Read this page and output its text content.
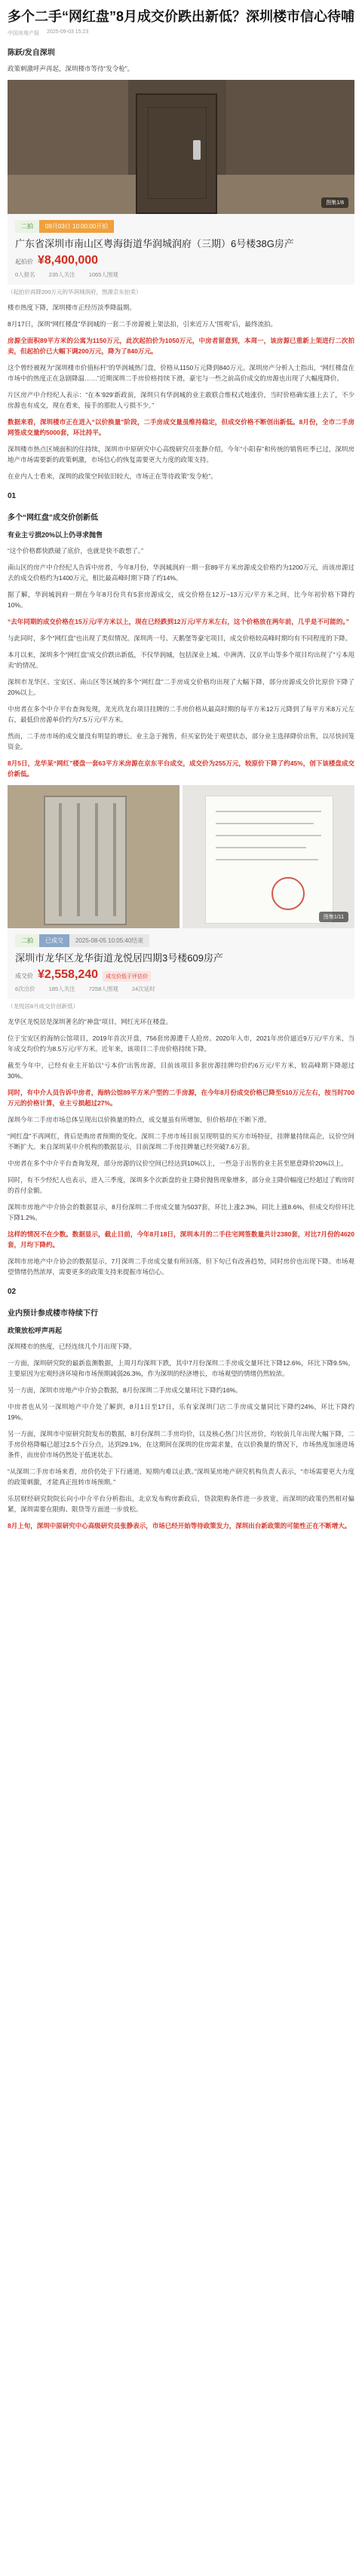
多个二手“网红盘”8月成交价跌出新低？深圳楼市信心待哺
中国房地产报 2025-09-03 15:23
陈跃/发自深圳

政策刺激呼声再起，深圳楼市等待“发令枪”。

图集1/8
二拍	09月03日 10:00:00开拍
广东省深圳市南山区粤海街道华润城润府（三期）6号楼38G房产
起拍价 ¥8,400,000
0人报名 235人关注 1065人围观

（起拍价再降200万元的华润城润府，图源京东拍卖）

楼市热度下降，深圳楼市正经历淡季降温期。

8月17日，深圳“网红楼盘”华润城的一套二手房源被上架法拍，引来近万人“围观”后，最终流拍。

房源全面积89平方米的公寓为1150万元，此次起拍价为1050万元，中房者留意到，本周一，该房源已重新上架进行二次拍卖，但起拍价已大幅下调200万元，降为了840万元。

这个曾经被视为“深圳楼市价值标杆”的华润城热门盘，价格从1150万元降到840万元。深圳房产分析人士指出，“网红楼盘在市场中的热度正在急剧降温……”近期深圳二手房价格持续下滑，豪宅与一些之前高价成交的房源也出现了大幅度降价。

片区房产中介经纪人表示：“在本‘929’新政前，深圳只有华润城的业主敢联合维权式地涨价，当时价格确实涨上去了，不少房源也有成交，现在看来，接手的那批人亏损不少。”

数据来看，深圳楼市正在进入“以价换量”阶段，二手房成交量虽维持稳定，但成交价格不断创出新低。8月份，全市二手房网签成交量约5000套，环比持平。

深圳楼市热点区域面积的住持续，深圳市中原研究中心高级研究员张静介绍，今年“小阳春”和传统的销售旺季已过，深圳房地产市场需要新的政策刺激，市场信心的恢复需要更大力度的政策支持。

在业内人士看来，深圳的政策空间依旧较大，市场正在等待政策“发令枪”。

01
多个“网红盘”成交价创新低
有业主亏损20%以上仍寻求抛售

“这个价格都快跌破了底价，也就是快不敢想了。”

南山区的房产中介经纪人告诉中房者，今年8月份，华润城润府一期一套89平方米房源成交价格约为1200万元，而该房源过去的成交价格约为1400万元，相比最高峰时期下降了约14%。

据了解，华润城润府一期在今年8月份共有5套房源成交，成交价格在12万~13万元/平方米之间，比今年初价格下降约10%。

“去年同期的成交价格在15万元/平方米以上，现在已经跌到12万元/平方米左右，这个价格放在两年前，几乎是不可能的。”

与此同时，多个“网红盘”也出现了类似情况。深圳湾一号、天鹅堡等豪宅项目，成交价格较高峰时期均有不同程度的下降。

本月以来，深圳多个“网红盘”成交价跌出新低，不仅华润城，包括深业上城、中洲湾、汉京半山等多个项目均出现了“亏本甩卖”的情况。

深圳市龙华区、宝安区、南山区等区域的多个“网红盘”二手房成交价格均出现了大幅下降，部分房源成交价比原价下降了20%以上。

中房者在多个中介平台查询发现，龙光玖龙台项目挂牌的二手房价格从最高时期的每平方米12万元降到了每平方米8万元左右，最低价房源单价约为7.5万元/平方米。

然而，二手房市场的成交量没有明显的增长。业主急于抛售，但买家仍处于观望状态，部分业主选择降价出售，以尽快回笼资金。

8月5日，龙华某“网红”楼盘一套63平方米房源在京东平台成交，成交价为255万元，较原价下降了约45%，创下该楼盘成交价新低。

图集1/11
二拍	已成交	2025-08-05 10:05:40结束
深圳市龙华区龙华街道龙悦居四期3号楼609房产
成交价 ¥2,558,240	成交价低于评估价
6次出价 185人关注 7258人围观 24次延时

（龙悦居8月成交价创新低）

龙华区龙悦居是深圳著名的“神盘”项目，网红光环在楼盘。

位于宝安区的海纳公馆项目，2019年首次开盘，756套房源遭千人抢房。2020年入市，2021年房价逼近9万元/平方米，当年成交均价约为8.5万元/平方米。近年来，该项目二手房价格持续下降。

截至今年中，已经有业主开始以“亏本价”出售房源，目前该项目多套房源挂牌均价约6万元/平方米，较高峰期下降超过30%。

同时，有中介人员告诉中房者，海纳公馆89平方米户型的二手房源，在今年8月份成交价格已降至510万元左右，按当时700万元的价格计算，业主亏损超过27%。

深圳今年二手房市场总体呈现出以价换量的特点，成交量虽有所增加，但价格却在不断下滑。

“网红盘”不再网红，背后是购房者预期的变化。深圳二手房市场目前呈现明显的买方市场特征，挂牌量持续高企，议价空间不断扩大。来自深圳某中介机构的数据显示，目前深圳二手房挂牌量已经突破7.6万套。

中房者在多个中介平台查询发现，部分房源的议价空间已经达到10%以上，一些急于出售的业主甚至愿意降价20%以上。

同时，有不少经纪人也表示，进入三季度，深圳多个次新盘的业主降价抛售现象增多，部分业主降价幅度已经超过了购房时的首付金额。

深圳市房地产中介协会的数据显示，8月份深圳二手房成交量为5037套，环比上涨2.3%，同比上涨8.6%，但成交均价环比下降1.2%。

这样的情况不在少数。数据显示，截止目前，今年8月18日，深圳本月的二手住宅网签数量共计2380套，对比7月份的4620套，月均下降约。

深圳市房地产中介协会的数据显示，7月深圳二手房成交量有所回落，但下旬已有改善趋势，同时房价也出现下降。市场观望情绪仍然浓厚，需要更多的政策支持来提振市场信心。

02
业内预计参成楼市待续下行
政策放松呼声再起

深圳楼市的热度，已经连续几个月出现下降。

一方面，深圳研究院的最新监测数据，上周月均深圳下跌，其中7月份深圳二手房成交量环比下降12.6%，环比下降9.5%，主要原因为宏观经济环境和市场预期减弱26.3%，作为深圳的经济增长，市场观望的情绪仍然较浓。

另一方面，深圳市房地产中介协会数据，8月份深圳二手房成交量环比下降约16%。

中房者也从另一深圳地产中介处了解到，8月1日至17日，乐有家深圳门店二手房成交量同比下降约24%，环比下降约19%。

另一方面，深圳市中原研究院发布的数据，8月份深圳二手房均价，以及核心热门片区房价，均较前几年出现大幅下降，二手房价格降幅已超过2.5个百分点，达到29.1%，在这期间在深圳的住房需求量，在以价换量的情况下，市场热度加速进场条件，而房价市场仍然处于低迷状态。

“从深圳二手房市场来看，房价仍处于下行通道，短期内难以止跌。”深圳某房地产研究机构负责人表示，“市场需要更大力度的政策刺激，才能真正扭转市场预期。”

乐居财经研究院院长向小中介平台分析指出，北京发布购房新政后，贷款限购条件进一步放宽，而深圳的政策仍然相对偏紧，深圳需要在限购、限贷等方面进一步放松。

8月上旬，深圳中原研究中心高级研究员张静表示，市场已经开始等待政策发力，深圳出台新政策的可能性正在不断增大。
